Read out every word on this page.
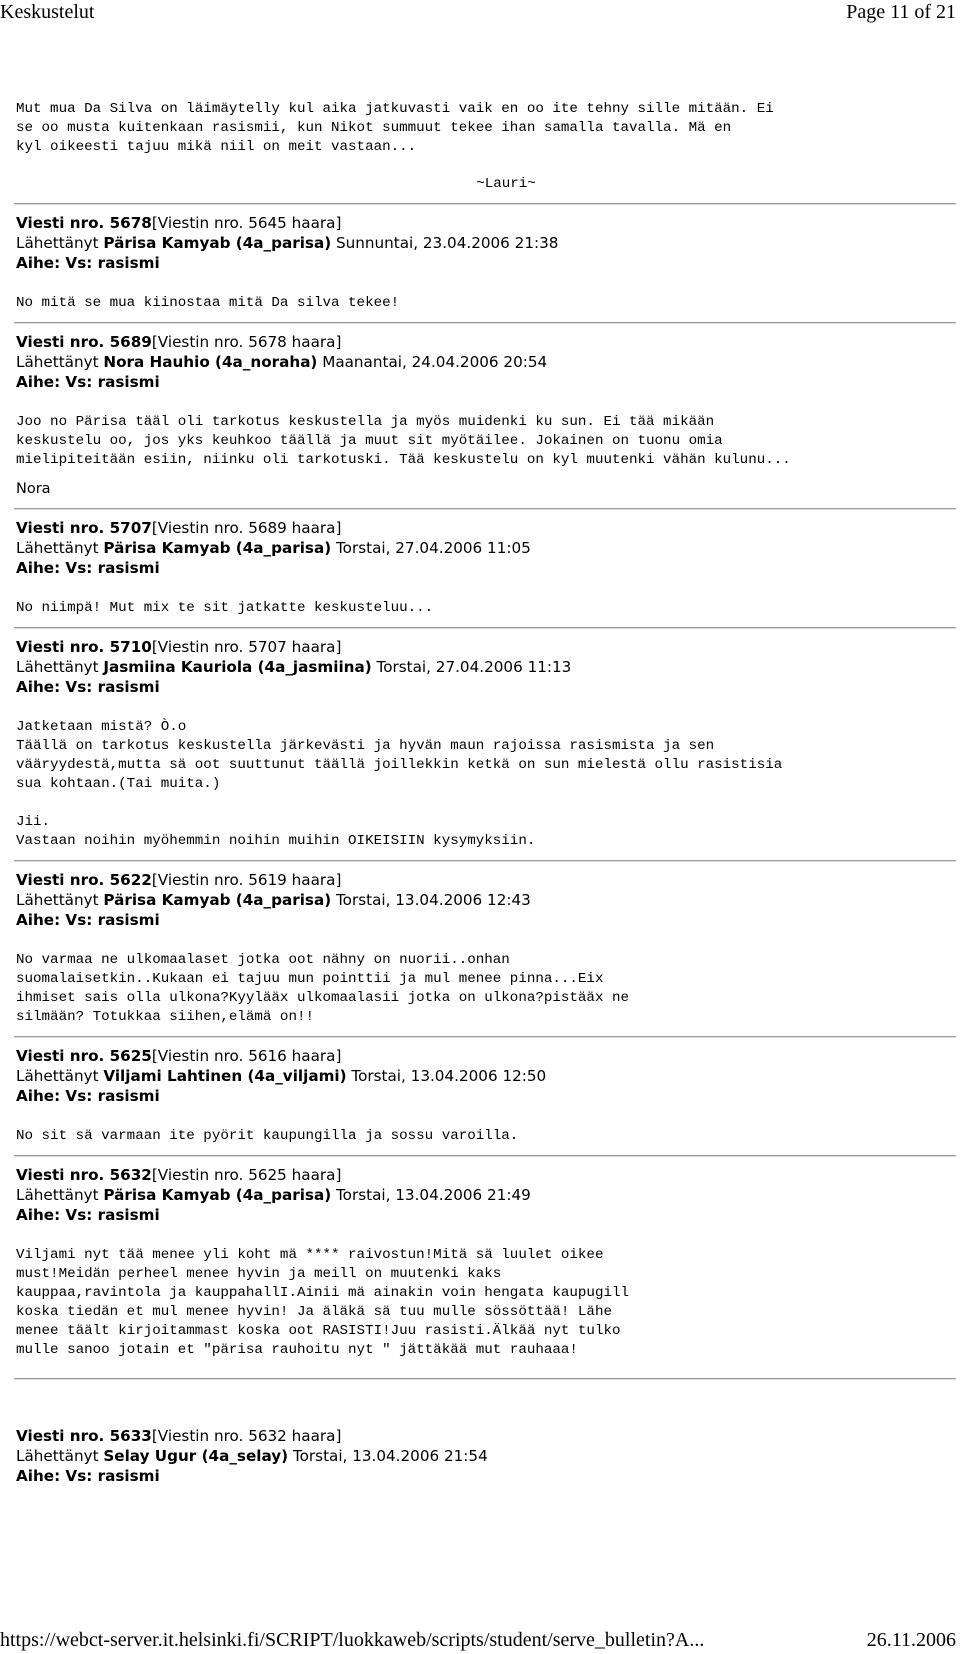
Keskustelut	Page 11 of 21
Mut mua Da Silva on läimäytelly kul aika jatkuvasti vaik en oo ite tehny sille mitään. Ei
se oo musta kuitenkaan rasismii, kun Nikot summuut tekee ihan samalla tavalla. Mä en
kyl oikeesti tajuu mikä niil on meit vastaan...
~Lauri~
Viesti nro. 5678[Viestin nro. 5645 haara]
Lähettänyt Pärisa Kamyab (4a_parisa) Sunnuntai, 23.04.2006 21:38
Aihe: Vs: rasismi
No mitä se mua kiinostaa mitä Da silva tekee!
Viesti nro. 5689[Viestin nro. 5678 haara]
Lähettänyt Nora Hauhio (4a_noraha) Maanantai, 24.04.2006 20:54
Aihe: Vs: rasismi
Joo no Pärisa tääl oli tarkotus keskustella ja myös muidenki ku sun. Ei tää mikään
keskustelu oo, jos yks keuhkoo täällä ja muut sit myötäilee. Jokainen on tuonu omia
mielipiteitään esiin, niinku oli tarkotuski. Tää keskustelu on kyl muutenki vähän kulunu...
Nora
Viesti nro. 5707[Viestin nro. 5689 haara]
Lähettänyt Pärisa Kamyab (4a_parisa) Torstai, 27.04.2006 11:05
Aihe: Vs: rasismi
No niimpä! Mut mix te sit jatkatte keskusteluu...
Viesti nro. 5710[Viestin nro. 5707 haara]
Lähettänyt Jasmiina Kauriola (4a_jasmiina) Torstai, 27.04.2006 11:13
Aihe: Vs: rasismi
Jatketaan mistä? Ò.o
Täällä on tarkotus keskustella järkevästi ja hyvän maun rajoissa rasismista ja sen
vääryydestä,mutta sä oot suuttunut täällä joillekkin ketkä on sun mielestä ollu rasistisia
sua kohtaan.(Tai muita.)
Jii.
Vastaan noihin myöhemmin noihin muihin OIKEISIIN kysymyksiin.
Viesti nro. 5622[Viestin nro. 5619 haara]
Lähettänyt Pärisa Kamyab (4a_parisa) Torstai, 13.04.2006 12:43
Aihe: Vs: rasismi
No varmaa ne ulkomaalaset jotka oot nähny on nuorii..onhan
suomalaisetkin..Kukaan ei tajuu mun pointtii ja mul menee pinna...Eix
ihmiset sais olla ulkona?Kyylääx ulkomaalasii jotka on ulkona?pistääx ne
silmään? Totukkaa siihen,elämä on!!
Viesti nro. 5625[Viestin nro. 5616 haara]
Lähettänyt Viljami Lahtinen (4a_viljami) Torstai, 13.04.2006 12:50
Aihe: Vs: rasismi
No sit sä varmaan ite pyörit kaupungilla ja sossu varoilla.
Viesti nro. 5632[Viestin nro. 5625 haara]
Lähettänyt Pärisa Kamyab (4a_parisa) Torstai, 13.04.2006 21:49
Aihe: Vs: rasismi
Viljami nyt tää menee yli koht mä **** raivostun!Mitä sä luulet oikee
must!Meidän perheel menee hyvin ja meill on muutenki kaks
kauppaa,ravintola ja kauppahallI.Ainii mä ainakin voin hengata kaupugill
koska tiedän et mul menee hyvin! Ja äläkä sä tuu mulle sössöttää! Lähe
menee täält kirjoitammast koska oot RASISTI!Juu rasisti.Älkää nyt tulko
mulle sanoo jotain et "pärisa rauhoitu nyt " jättäkää mut rauhaaa!
Viesti nro. 5633[Viestin nro. 5632 haara]
Lähettänyt Selay Ugur (4a_selay) Torstai, 13.04.2006 21:54
Aihe: Vs: rasismi
https://webct-server.it.helsinki.fi/SCRIPT/luokkaweb/scripts/student/serve_bulletin?A...	26.11.2006
